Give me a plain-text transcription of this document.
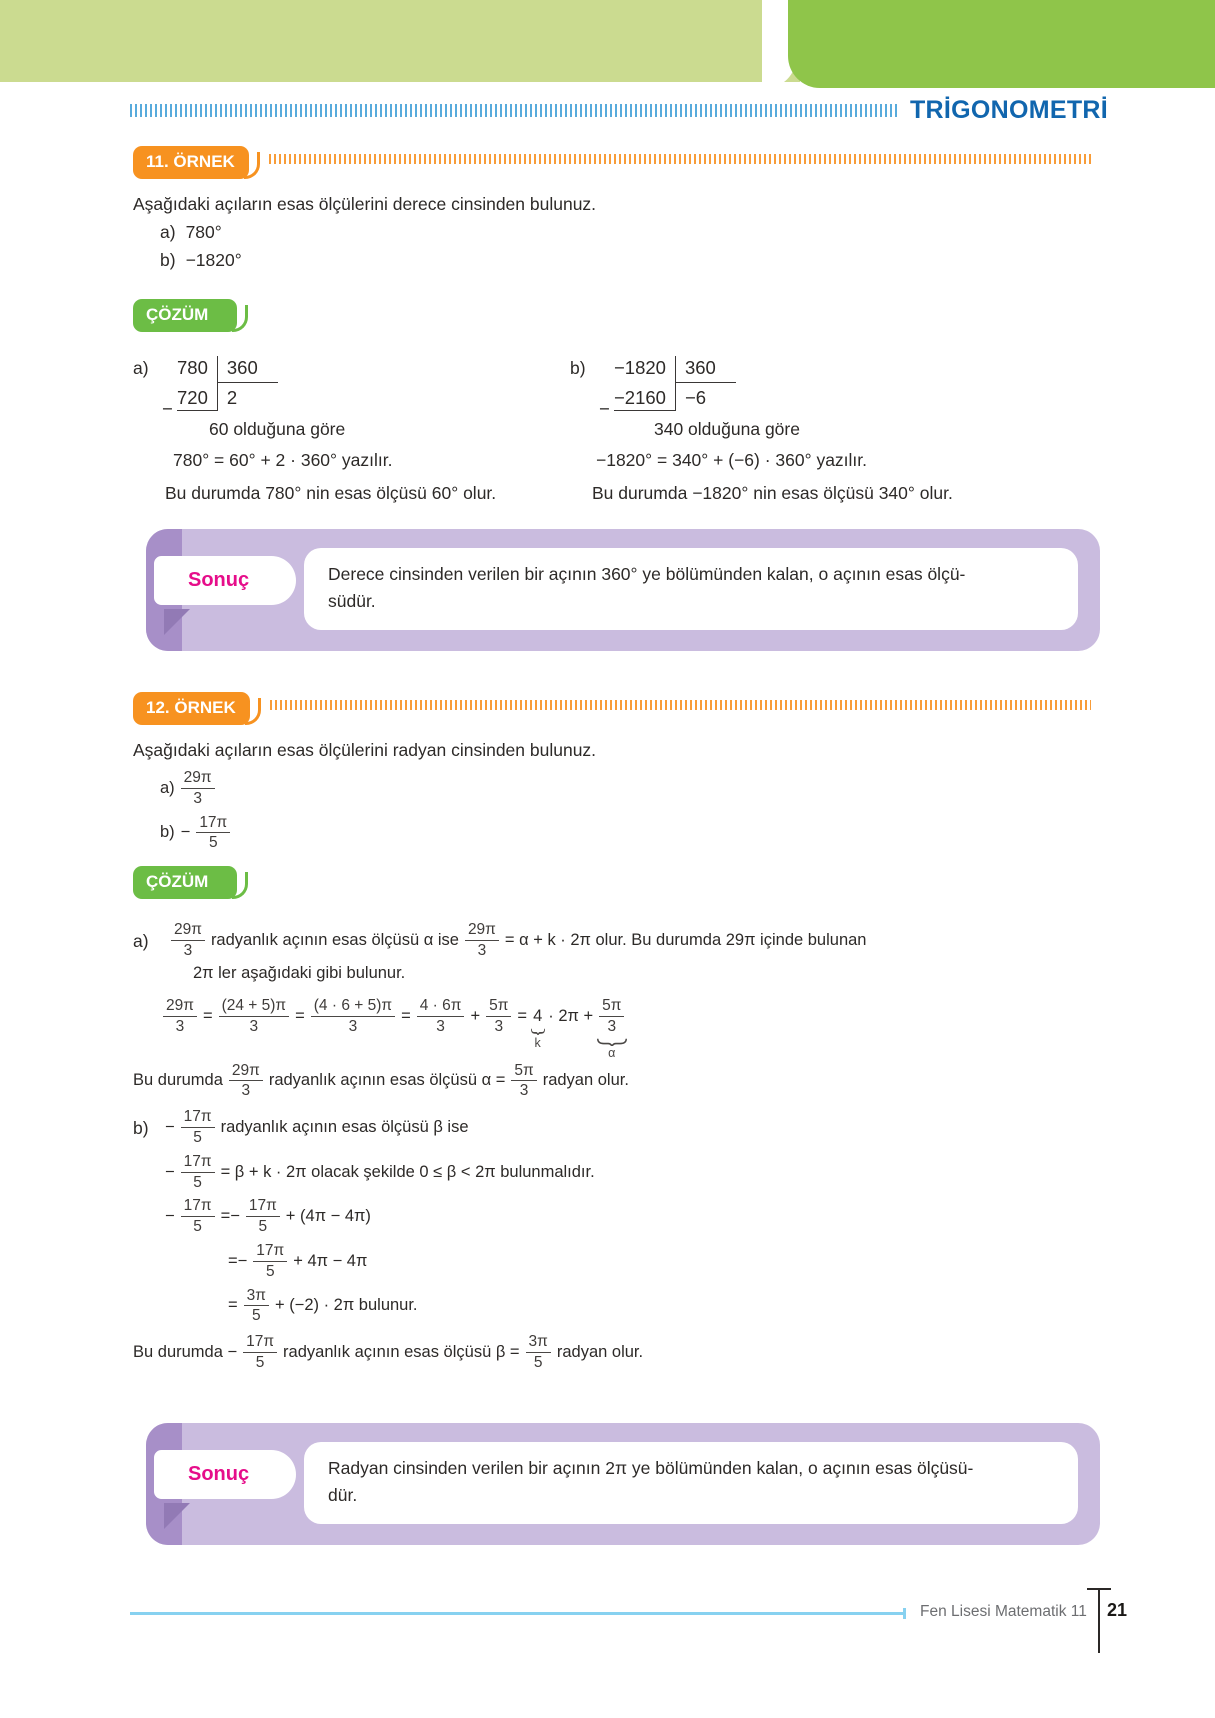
TRİGONOMETRİ
11. ÖRNEK

Aşağıdaki açıların esas ölçülerini derece cinsinden bulunuz.

a) 780°
b) −1820°
ÇÖZÜM
a)	780	360
−
720	2

60 olduğuna göre

780° = 60° + 2 · 360° yazılır.

Bu durumda 780° nin esas ölçüsü 60° olur.

b)	−1820	360
−
−2160	−6

340 olduğuna göre

−1820° = 340° + (−6) · 360° yazılır.

Bu durumda −1820° nin esas ölçüsü 340° olur.

Sonuç	Derece cinsinden verilen bir açının 360° ye bölümünden kalan, o açının esas ölçü-
südür.
12. ÖRNEK

Aşağıdaki açıların esas ölçülerini radyan cinsinden bulunuz.

$a) \frac{29\pi}{3}$
$b) - \frac{17\pi}{5}$
ÇÖZÜM
a)	$\frac{29\pi}{3}$ radyanlık açının esas ölçüsü α ise $\frac{29\pi}{3} = \alpha + k \cdot 2\pi$ olur. Bu durumda 29π içinde bulunan

2π ler aşağıdaki gibi bulunur.

$\frac{29\pi}{3} = \frac{(24 + 5)\pi}{3} = \frac{(4 \cdot 6 + 5)\pi}{3} = \frac{4 \cdot 6\pi}{3} + \frac{5\pi}{3} = 4$
k
· $2\pi + \frac{5\pi}{3}$
α
Bu durumda $\frac{29\pi}{3}$ radyanlık açının esas ölçüsü $\alpha = \frac{5\pi}{3}$ radyan olur.
$b) - \frac{17\pi}{5}$ radyanlık açının esas ölçüsü β ise
− $\frac{17\pi}{5} = \beta + k \cdot 2\pi$ olacak şekilde 0 ≤ β < 2π bulunmalıdır.
− $\frac{17\pi}{5} =- \frac{17\pi}{5} + (4\pi - 4\pi)$
=− $\frac{17\pi}{5} + 4\pi - 4\pi$
= $\frac{3\pi}{5} + (-2) \cdot 2\pi$ bulunur.
Bu durumda − $\frac{17\pi}{5}$ radyanlık açının esas ölçüsü $\beta = \frac{3\pi}{5}$ radyan olur.
Sonuç	Radyan cinsinden verilen bir açının 2π ye bölümünden kalan, o açının esas ölçüsü-
dür.
Fen Lisesi Matematik 11 21
